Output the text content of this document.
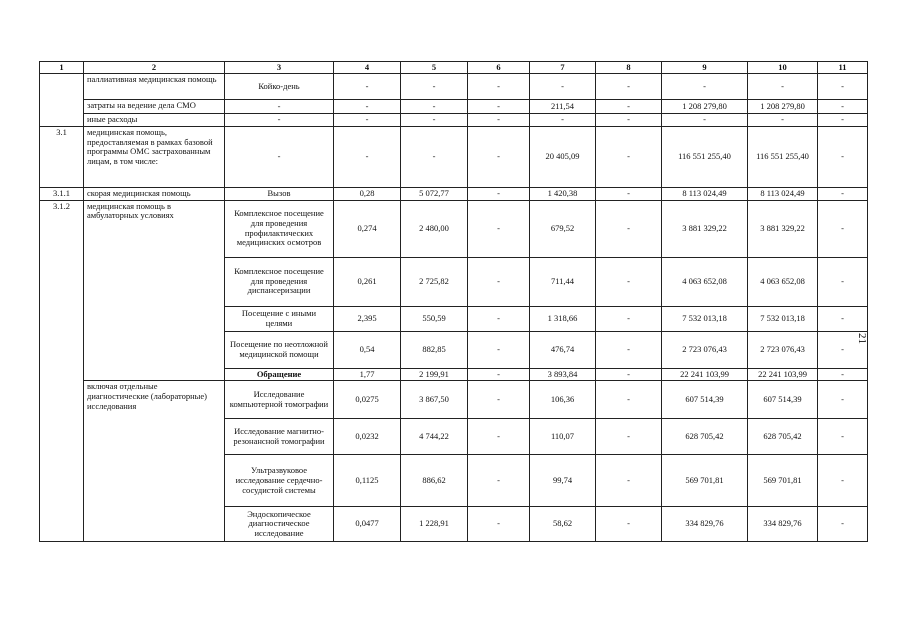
1	2	3	4	5	6	7	8	9	10	11
	паллиативная медицинская помощь	Койко-день	-	-	-	-	-	-	-	-
	затраты на ведение дела СМО	-	-	-	-	211,54	-	1 208 279,80	1 208 279,80	-
	иные расходы	-	-	-	-	-	-	-	-	-
3.1	медицинская помощь, предоставляемая в рамках базовой программы ОМС застрахованным лицам, в том числе:	-	-	-	-	20 405,09	-	116 551 255,40	116 551 255,40	-
3.1.1	скорая медицинская помощь	Вызов	0,28	5 072,77	-	1 420,38	-	8 113 024,49	8 113 024,49	-
3.1.2	медицинская помощь в амбулаторных условиях	Комплексное посещение для проведения профилактических медицинских осмотров	0,274	2 480,00	-	679,52	-	3 881 329,22	3 881 329,22	-
		Комплексное посещение для проведения диспансеризации	0,261	2 725,82	-	711,44	-	4 063 652,08	4 063 652,08	-
		Посещение с иными целями	2,395	550,59	-	1 318,66	-	7 532 013,18	7 532 013,18	-
		Посещение по неотложной медицинской помощи	0,54	882,85	-	476,74	-	2 723 076,43	2 723 076,43	-
		Обращение	1,77	2 199,91	-	3 893,84	-	22 241 103,99	22 241 103,99	-
	включая отдельные диагностические (лабораторные) исследования	Исследование компьютерной томографии	0,0275	3 867,50	-	106,36	-	607 514,39	607 514,39	-
		Исследование магнитно-резонансной томографии	0,0232	4 744,22	-	110,07	-	628 705,42	628 705,42	-
		Ультразвуковое исследование сердечно-сосудистой системы	0,1125	886,62	-	99,74	-	569 701,81	569 701,81	-
		Эндоскопическое диагностическое исследование	0,0477	1 228,91	-	58,62	-	334 829,76	334 829,76	-
21
